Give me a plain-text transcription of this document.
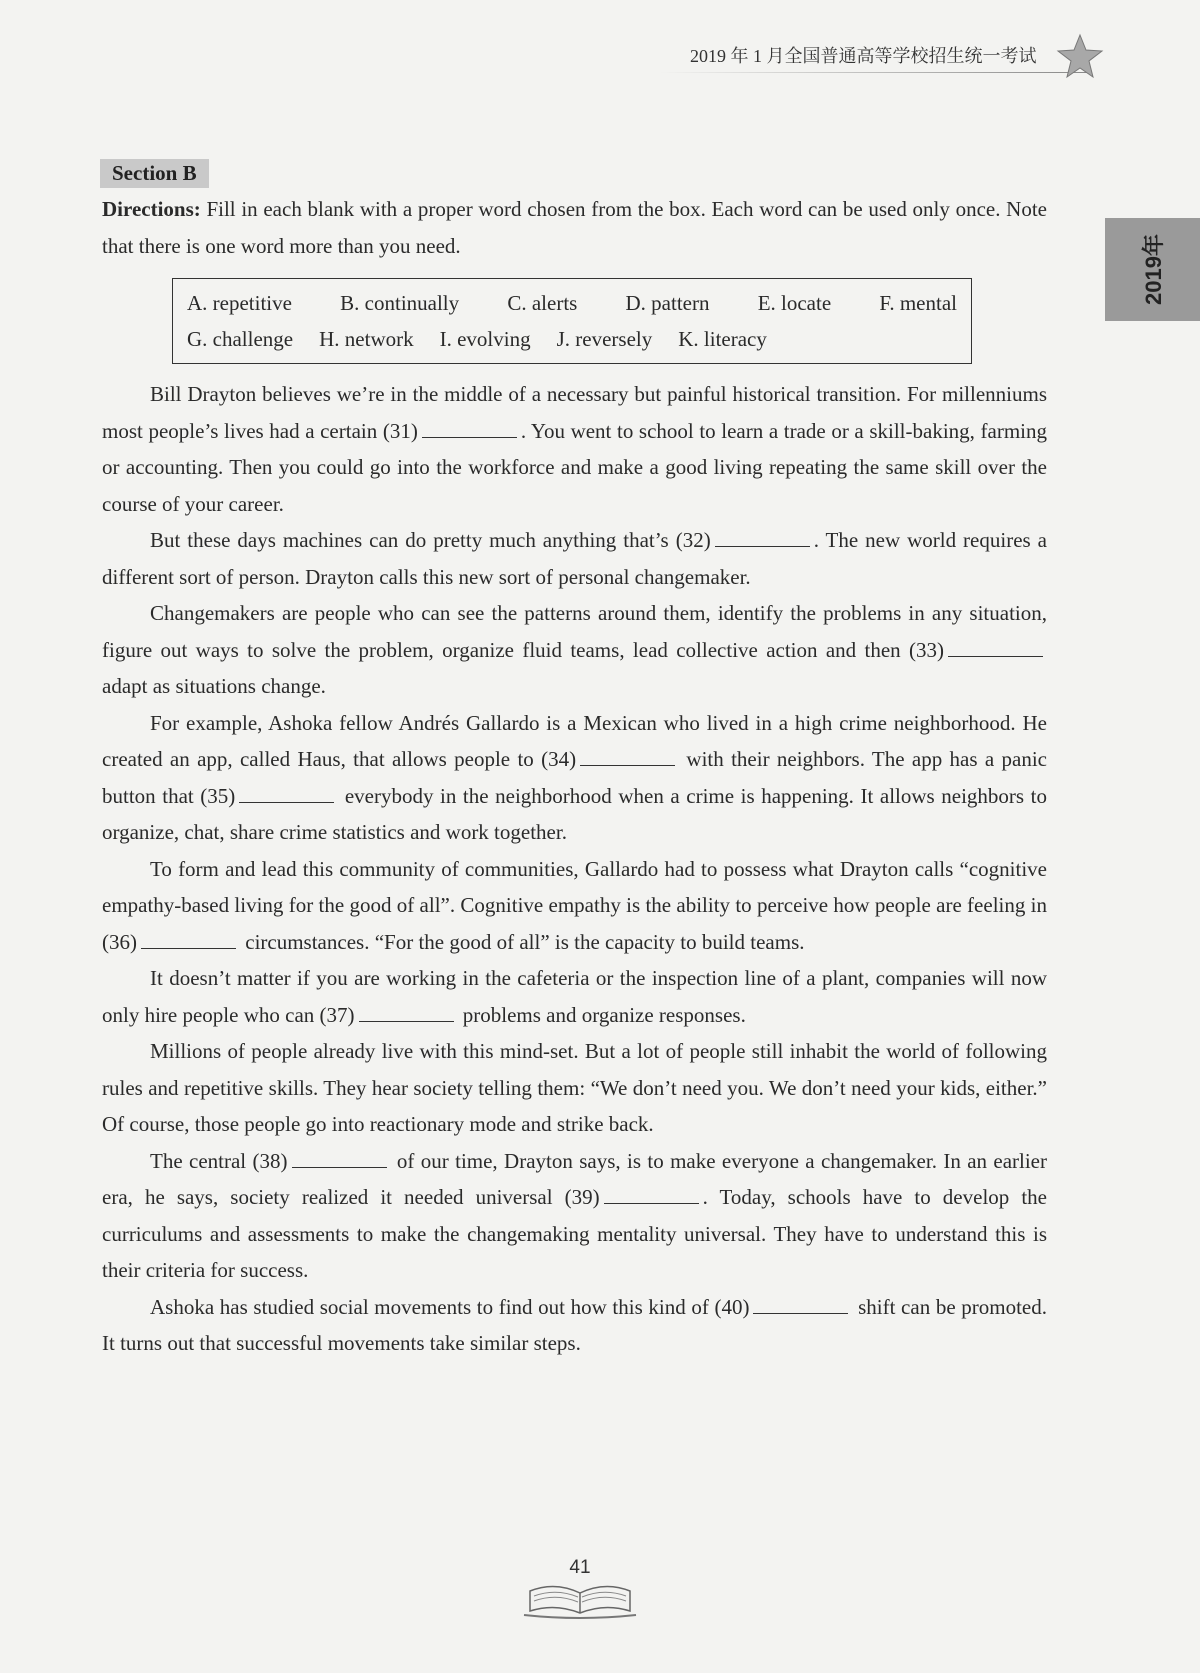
2019 年 1 月全国普通高等学校招生统一考试
2019年
Section B

Directions: Fill in each blank with a proper word chosen from the box. Each word can be used only once. Note that there is one word more than you need.

A. repetitive B. continually C. alerts D. pattern E. locate F. mental
G. challenge H. network I. evolving J. reversely K. literacy

Bill Drayton believes we’re in the middle of a necessary but painful historical transition. For millenniums most people’s lives had a certain (31)	. You went to school to learn a trade or a skill-baking, farming or accounting. Then you could go into the workforce and make a good living repeating the same skill over the course of your career.

But these days machines can do pretty much anything that’s (32)	. The new world requires a different sort of person. Drayton calls this new sort of personal changemaker.

Changemakers are people who can see the patterns around them, identify the problems in any situation, figure out ways to solve the problem, organize fluid teams, lead collective action and then (33) adapt as situations change.

For example, Ashoka fellow Andrés Gallardo is a Mexican who lived in a high crime neighborhood. He created an app, called Haus, that allows people to (34)	with their neighbors. The app has a panic button that (35)	everybody in the neighborhood when a crime is happening. It allows neighbors to organize, chat, share crime statistics and work together.

To form and lead this community of communities, Gallardo had to possess what Drayton calls “cognitive empathy-based living for the good of all”. Cognitive empathy is the ability to perceive how people are feeling in (36)	circumstances. “For the good of all” is the capacity to build teams.

It doesn’t matter if you are working in the cafeteria or the inspection line of a plant, companies will now only hire people who can (37)	problems and organize responses.

Millions of people already live with this mind-set. But a lot of people still inhabit the world of following rules and repetitive skills. They hear society telling them: “We don’t need you. We don’t need your kids, either.” Of course, those people go into reactionary mode and strike back.

The central (38)	of our time, Drayton says, is to make everyone a changemaker. In an earlier era, he says, society realized it needed universal (39)	. Today, schools have to develop the curriculums and assessments to make the changemaking mentality universal. They have to understand this is their criteria for success.

Ashoka has studied social movements to find out how this kind of (40)	shift can be promoted. It turns out that successful movements take similar steps.

41
